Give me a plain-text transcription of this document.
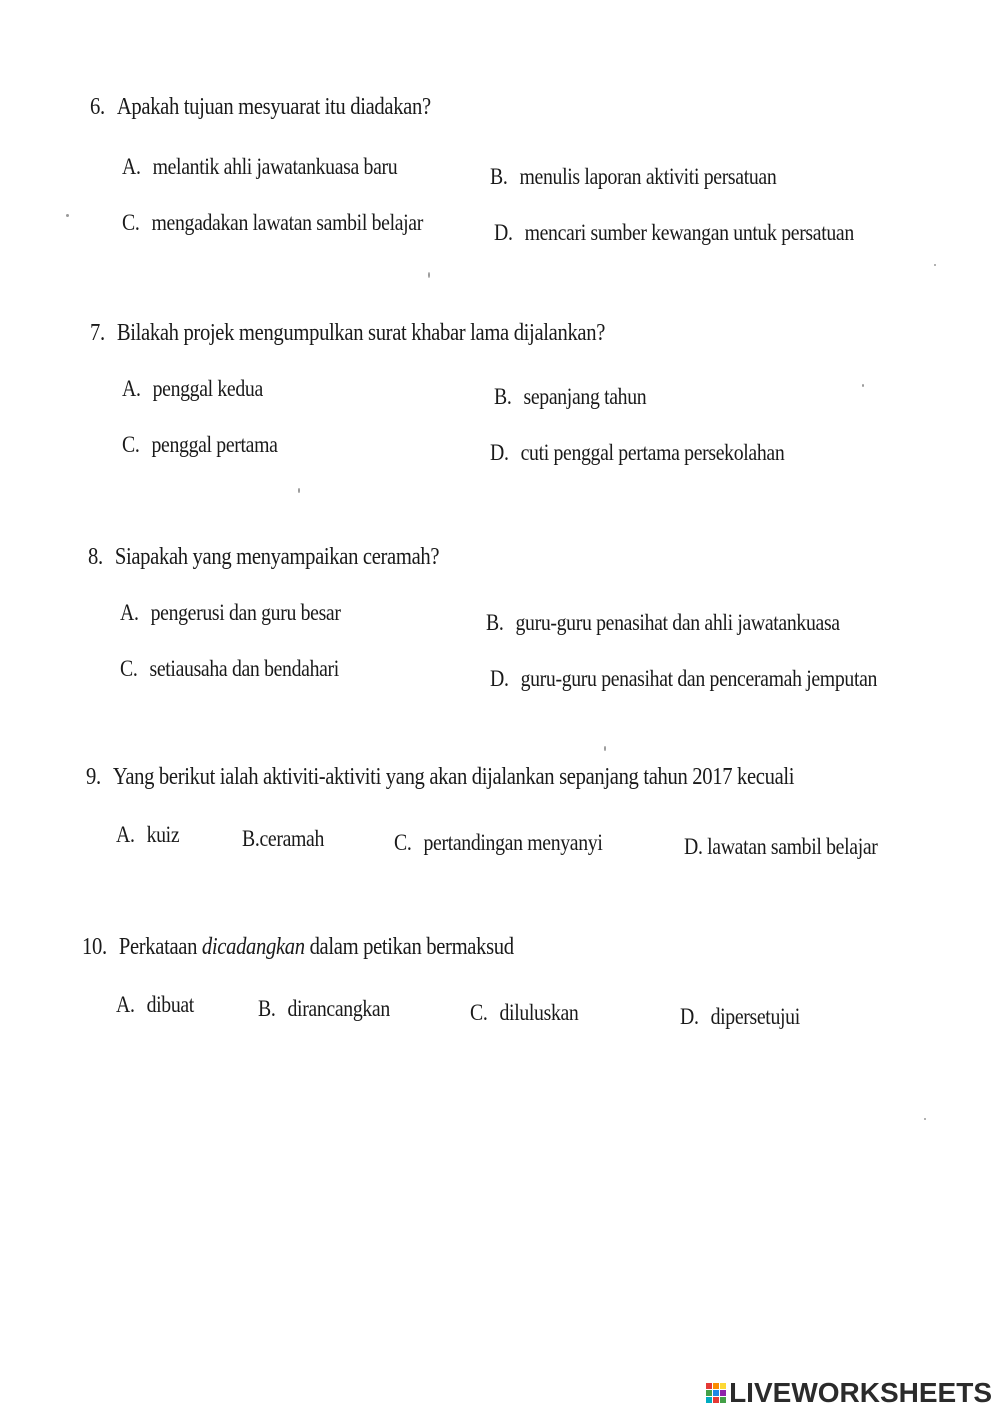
6. Apakah tujuan mesyuarat itu diadakan?
A. melantik ahli jawatankuasa baru	B. menulis laporan aktiviti persatuan
C. mengadakan lawatan sambil belajar	D. mencari sumber kewangan untuk persatuan
7. Bilakah projek mengumpulkan surat khabar lama dijalankan?
A. penggal kedua	B. sepanjang tahun
C. penggal pertama	D. cuti penggal pertama persekolahan
8. Siapakah yang menyampaikan ceramah?
A. pengerusi dan guru besar	B. guru-guru penasihat dan ahli jawatankuasa
C. setiausaha dan bendahari	D. guru-guru penasihat dan penceramah jemputan
9. Yang berikut ialah aktiviti-aktiviti yang akan dijalankan sepanjang tahun 2017 kecuali
A. kuiz	B.ceramah	C. pertandingan menyanyi	D. lawatan sambil belajar
10. Perkataan dicadangkan dalam petikan bermaksud
A. dibuat	B. dirancangkan	C. diluluskan	D. dipersetujui
LIVEWORKSHEETS
